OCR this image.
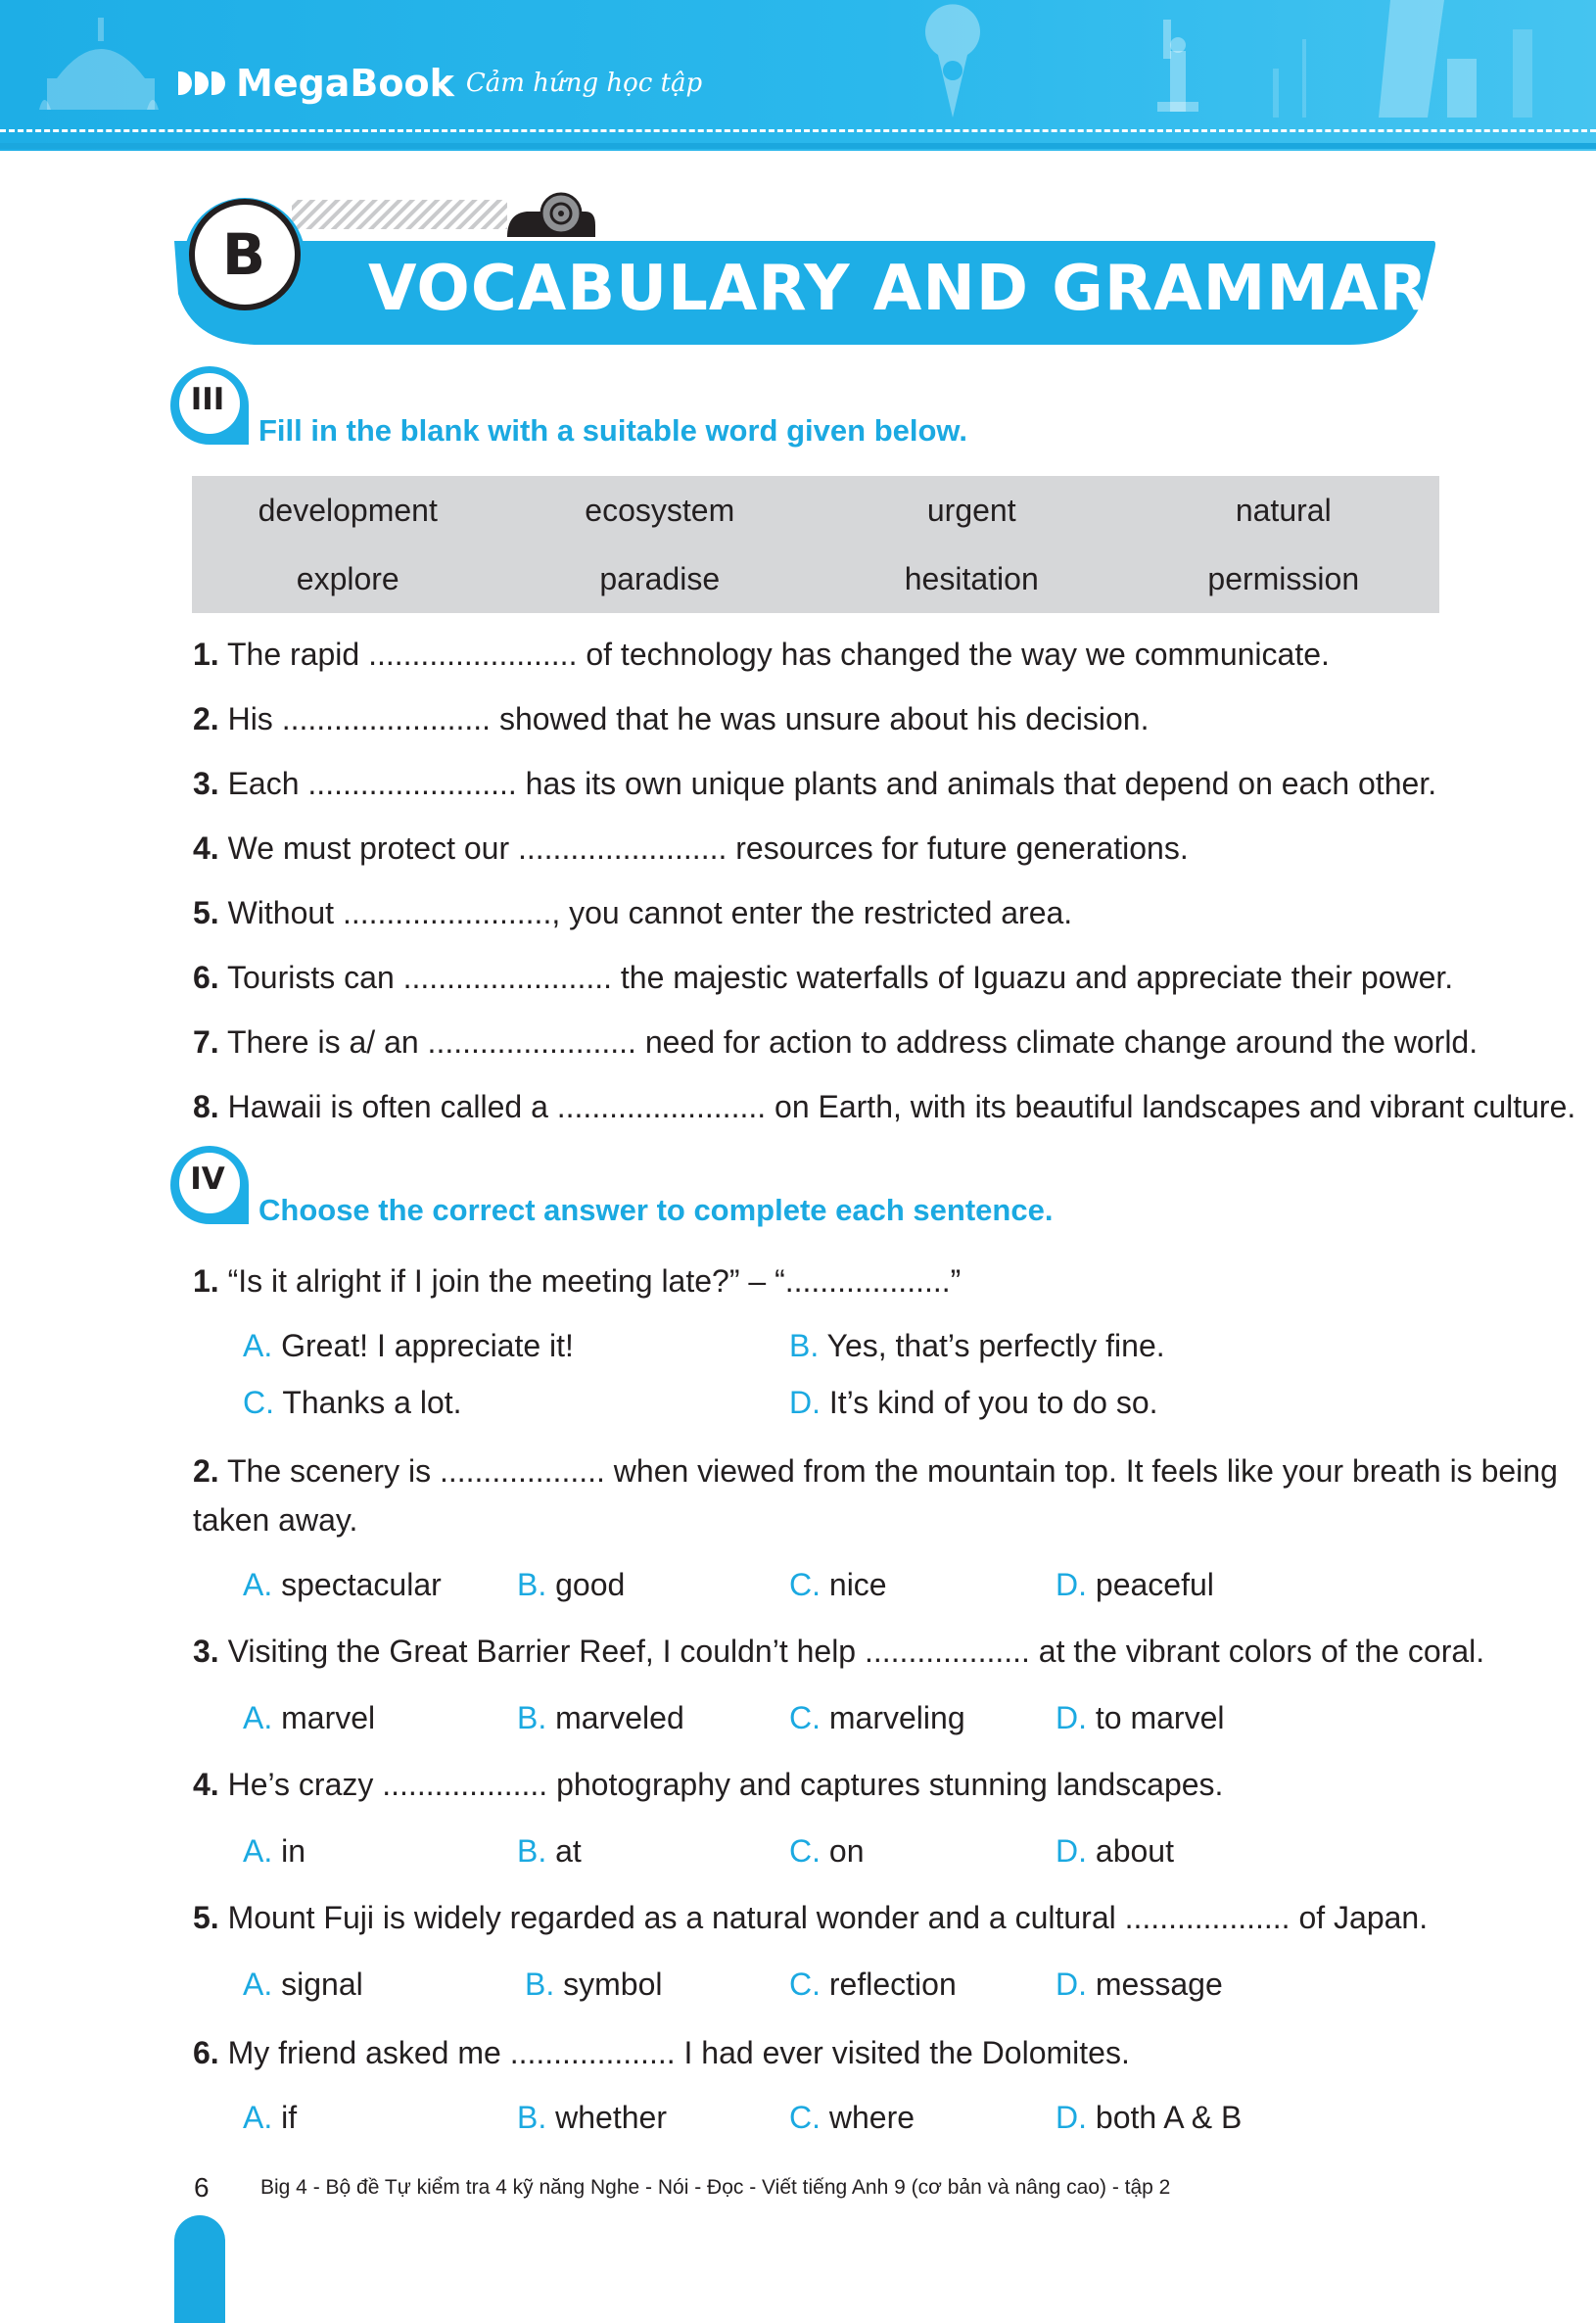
MegaBook Cảm hứng học tập
B VOCABULARY AND GRAMMAR
III
Fill in the blank with a suitable word given below.
development	ecosystem	urgent	natural
explore	paradise	hesitation	permission
1. The rapid ........................ of technology has changed the way we communicate.
2. His ........................ showed that he was unsure about his decision.
3. Each ........................ has its own unique plants and animals that depend on each other.
4. We must protect our ........................ resources for future generations.
5. Without ........................, you cannot enter the restricted area.
6. Tourists can ........................ the majestic waterfalls of Iguazu and appreciate their power.
7. There is a/ an ........................ need for action to address climate change around the world.
8. Hawaii is often called a ........................ on Earth, with its beautiful landscapes and vibrant culture.
IV
Choose the correct answer to complete each sentence.
1. “Is it alright if I join the meeting late?” – “...................”
A. Great! I appreciate it!	B. Yes, that’s perfectly fine.
C. Thanks a lot.	D. It’s kind of you to do so.
2. The scenery is ................... when viewed from the mountain top. It feels like your breath is being
taken away.
A. spectacular B. good	C. nice	D. peaceful
3. Visiting the Great Barrier Reef, I couldn’t help ................... at the vibrant colors of the coral.
A. marvel	B. marveled	C. marveling	D. to marvel
4. He’s crazy ................... photography and captures stunning landscapes.
A. in	B. at	C. on	D. about
5. Mount Fuji is widely regarded as a natural wonder and a cultural ................... of Japan.
A. signal	B. symbol	C. reflection	D. message
6. My friend asked me ................... I had ever visited the Dolomites.
A. if	B. whether	C. where	D. both A & B
6 Big 4 - Bộ đề Tự kiểm tra 4 kỹ năng Nghe - Nói - Đọc - Viết tiếng Anh 9 (cơ bản và nâng cao) - tập 2
